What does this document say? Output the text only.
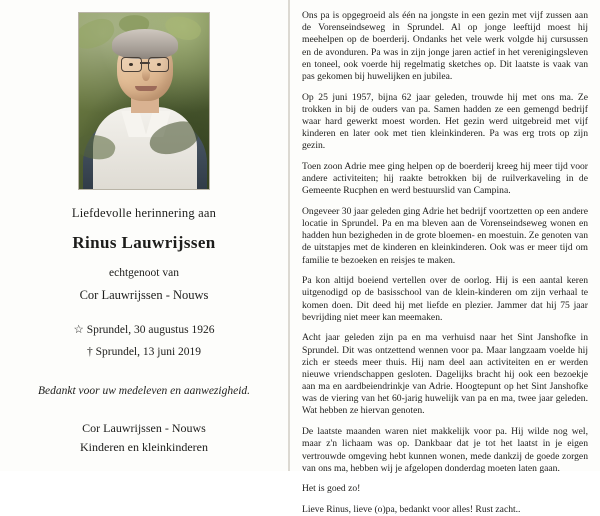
Liefdevolle herinnering aan
Rinus Lauwrijssen
echtgenoot van
Cor Lauwrijssen - Nouws
☆ Sprundel, 30 augustus 1926
† Sprundel, 13 juni 2019
Bedankt voor uw medeleven en aanwezigheid.
Cor Lauwrijssen - Nouws
Kinderen en kleinkinderen

Ons pa is opgegroeid als één na jongste in een gezin met vijf zussen aan de Vorenseindseweg in Sprundel. Al op jonge leeftijd moest hij meehelpen op de boerderij. Ondanks het vele werk volgde hij cursussen en de avonduren. Pa was in zijn jonge jaren actief in het verenigingsleven en toneel, ook voerde hij regelmatig sketches op. Dit laatste is vaak van pas gekomen bij huwelijken en jubilea.

Op 25 juni 1957, bijna 62 jaar geleden, trouwde hij met ons ma. Ze trokken in bij de ouders van pa. Samen hadden ze een gemengd bedrijf waar hard gewerkt moest worden. Het gezin werd uitgebreid met vijf kinderen en later ook met tien kleinkinderen. Pa was erg trots op zijn gezin.

Toen zoon Adrie mee ging helpen op de boerderij kreeg hij meer tijd voor andere activiteiten; hij raakte betrokken bij de ruilverkaveling in de Gemeente Rucphen en werd bestuurslid van Campina.

Ongeveer 30 jaar geleden ging Adrie het bedrijf voortzetten op een andere locatie in Sprundel. Pa en ma bleven aan de Vorenseindseweg wonen en hadden hun bezigheden in de grote bloemen- en moestuin. Ze genoten van de uitstapjes met de kinderen en kleinkinderen. Ook was er meer tijd om familie te bezoeken en reisjes te maken.

Pa kon altijd boeiend vertellen over de oorlog. Hij is een aantal keren uitgenodigd op de basisschool van de klein-kinderen om zijn verhaal te komen doen. Dit deed hij met liefde en plezier. Jammer dat hij 75 jaar bevrijding niet meer kan meemaken.

Acht jaar geleden zijn pa en ma verhuisd naar het Sint Janshofke in Sprundel. Dit was ontzettend wennen voor pa. Maar langzaam voelde hij zich er steeds meer thuis. Hij nam deel aan activiteiten en er werden nieuwe vriendschappen gesloten. Dagelijks bracht hij ook een bezoekje aan ma en aardbeiendrinkje van Adrie. Hoogtepunt op het Sint Janshofke was de viering van het 60-jarig huwelijk van pa en ma, twee jaar geleden. Wat hebben ze hiervan genoten.

De laatste maanden waren niet makkelijk voor pa. Hij wilde nog wel, maar z'n lichaam was op. Dankbaar dat je tot het laatst in je eigen vertrouwde omgeving hebt kunnen wonen, mede dankzij de goede zorgen van ons ma, hebben wij je afgelopen donderdag moeten laten gaan.

Het is goed zo!

Lieve Rinus, lieve (o)pa, bedankt voor alles! Rust zacht..
